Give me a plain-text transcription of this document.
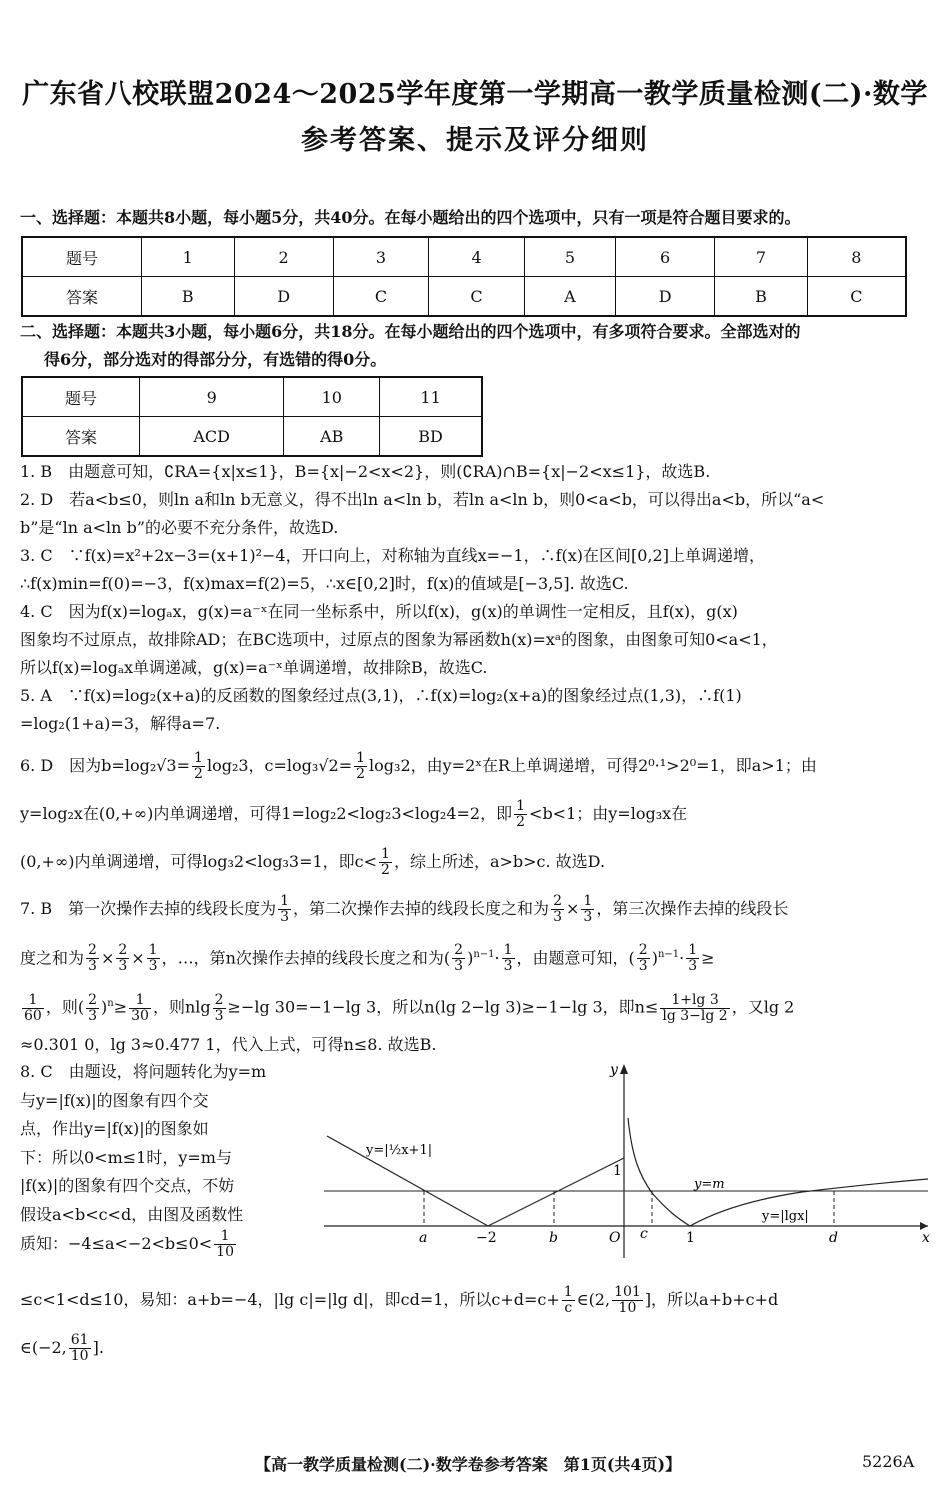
广东省八校联盟2024～2025学年度第一学期高一教学质量检测(二)·数学
参考答案、提示及评分细则
一、选择题：本题共8小题，每小题5分，共40分。在每小题给出的四个选项中，只有一项是符合题目要求的。
题号	1	2	3	4	5	6	7	8
答案	B	D	C	C	A	D	B	C
二、选择题：本题共3小题，每小题6分，共18分。在每小题给出的四个选项中，有多项符合要求。全部选对的
得6分，部分选对的得部分分，有选错的得0分。
题号	9	10	11
答案	ACD	AB	BD
1. B　由题意可知，∁RA={x|x≤1}，B={x|−2<x<2}，则(∁RA)∩B={x|−2<x≤1}，故选B.
2. D　若a<b≤0，则ln a和ln b无意义，得不出ln a<ln b，若ln a<ln b，则0<a<b，可以得出a<b，所以“a<
b”是“ln a<ln b”的必要不充分条件，故选D.
3. C　∵f(x)=x²+2x−3=(x+1)²−4，开口向上，对称轴为直线x=−1，∴f(x)在区间[0,2]上单调递增，
∴f(x)min=f(0)=−3，f(x)max=f(2)=5，∴x∈[0,2]时，f(x)的值域是[−3,5]. 故选C.
4. C　因为f(x)=logₐx，g(x)=a⁻ˣ在同一坐标系中，所以f(x)，g(x)的单调性一定相反，且f(x)，g(x)
图象均不过原点，故排除AD；在BC选项中，过原点的图象为幂函数h(x)=xᵃ的图象，由图象可知0<a<1，
所以f(x)=logₐx单调递减，g(x)=a⁻ˣ单调递增，故排除B，故选C.
5. A　∵f(x)=log₂(x+a)的反函数的图象经过点(3,1)，∴f(x)=log₂(x+a)的图象经过点(1,3)，∴f(1)
=log₂(1+a)=3，解得a=7.
6. D　因为$b=\log_2√3= \frac{1}{2} \log_23$，$c=\log_3√2= \frac{1}{2} \log_32$，由y=2ˣ在R上单调递增，可得2⁰·¹>2⁰=1，即a>1；由
y=log₂x在(0,+∞)内单调递增，可得1=log₂2<log₂3<log₂4=2，即 $\frac{1}{2} <b<1$；由y=log₃x在
(0,+∞)内单调递增，可得log₃2<log₃3=1，即$c< \frac{1}{2}$ ，综上所述，a>b>c. 故选D.
7. B　第一次操作去掉的线段长度为 $\frac{1}{3}$ ，第二次操作去掉的线段长度之和为 $\frac{2}{3} \times \frac{1}{3}$ ，第三次操作去掉的线段长
度之和为 $\frac{2}{3} \times \frac{2}{3} \times \frac{1}{3}$ ，…，第n次操作去掉的线段长度之和为( $\frac{2}{3} )^{n-1}\cdot \frac{1}{3}$ ，由题意可知，( $\frac{2}{3} )^{n-1}\cdot \frac{1}{3}$ ≥
$\frac{1}{60}$ ，则( $\frac{2}{3} )^n\ge \frac{1}{30}$ ，则nlg $\frac{2}{3} \ge-\lg$ 30=−1−lg 3，所以n(lg 2−lg 3)≥−1−lg 3，即$n\le \frac{1+\lg 3}{\lg 3-\lg 2}$ ，又lg 2
≈0.301 0，lg 3≈0.477 1，代入上式，可得n≤8. 故选B.
8. C　由题设，将问题转化为y=m
与y=|f(x)|的图象有四个交
点，作出y=|f(x)|的图象如
下：所以0<m≤1时，y=m与
|f(x)|的图象有四个交点，不妨
假设a<b<c<d，由图及函数性
质知：$-4\le a<-2<b\le 0< \frac{1}{10}$
≤c<1<d≤10，易知：a+b=−4，|lg c|=|lg d|，即cd=1，所以$c+d=c+ \frac{1}{c}$ ∈(2, $\frac{101}{10}$ ]，所以a+b+c+d
∈(−2, $\frac{61}{10}$ ].
y
x
1
y=|½x+1|
y=m
y=|lgx|
a	−2	b	O c	1	d
【高一教学质量检测(二)·数学卷参考答案　第1页(共4页)】	5226A
